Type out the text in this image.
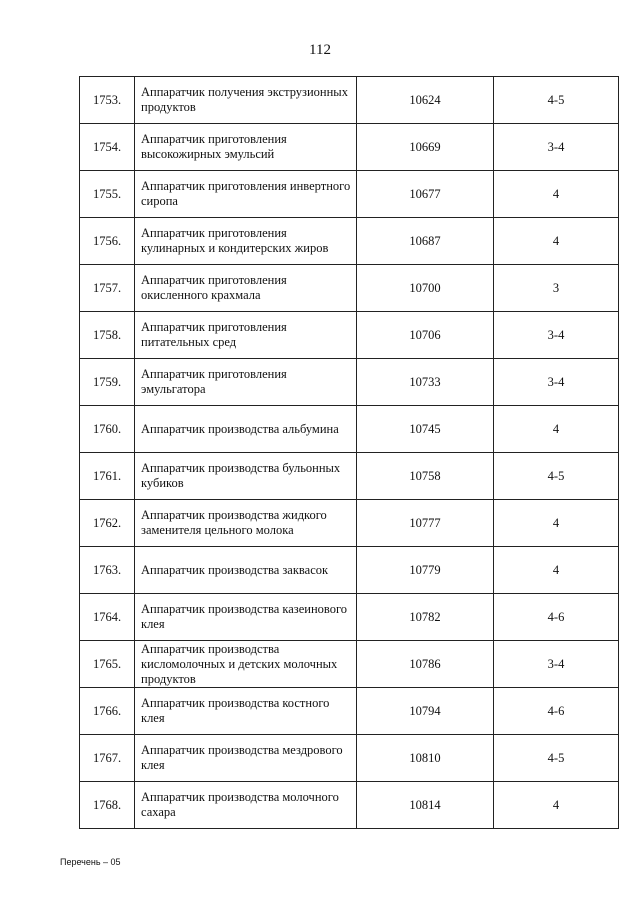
112
1753.	Аппаратчик получения экструзионных продуктов	10624	4-5
1754.	Аппаратчик приготовления высокожирных эмульсий	10669	3-4
1755.	Аппаратчик приготовления инвертного сиропа	10677	4
1756.	Аппаратчик приготовления кулинарных и кондитерских жиров	10687	4
1757.	Аппаратчик приготовления окисленного крахмала	10700	3
1758.	Аппаратчик приготовления питательных сред	10706	3-4
1759.	Аппаратчик приготовления эмульгатора	10733	3-4
1760.	Аппаратчик производства альбумина	10745	4
1761.	Аппаратчик производства бульонных кубиков	10758	4-5
1762.	Аппаратчик производства жидкого заменителя цельного молока	10777	4
1763.	Аппаратчик производства заквасок	10779	4
1764.	Аппаратчик производства казеинового клея	10782	4-6
1765.	Аппаратчик производства кисломолочных и детских молочных продуктов	10786	3-4
1766.	Аппаратчик производства костного клея	10794	4-6
1767.	Аппаратчик производства мездрового клея	10810	4-5
1768.	Аппаратчик производства молочного сахара	10814	4
Перечень – 05
